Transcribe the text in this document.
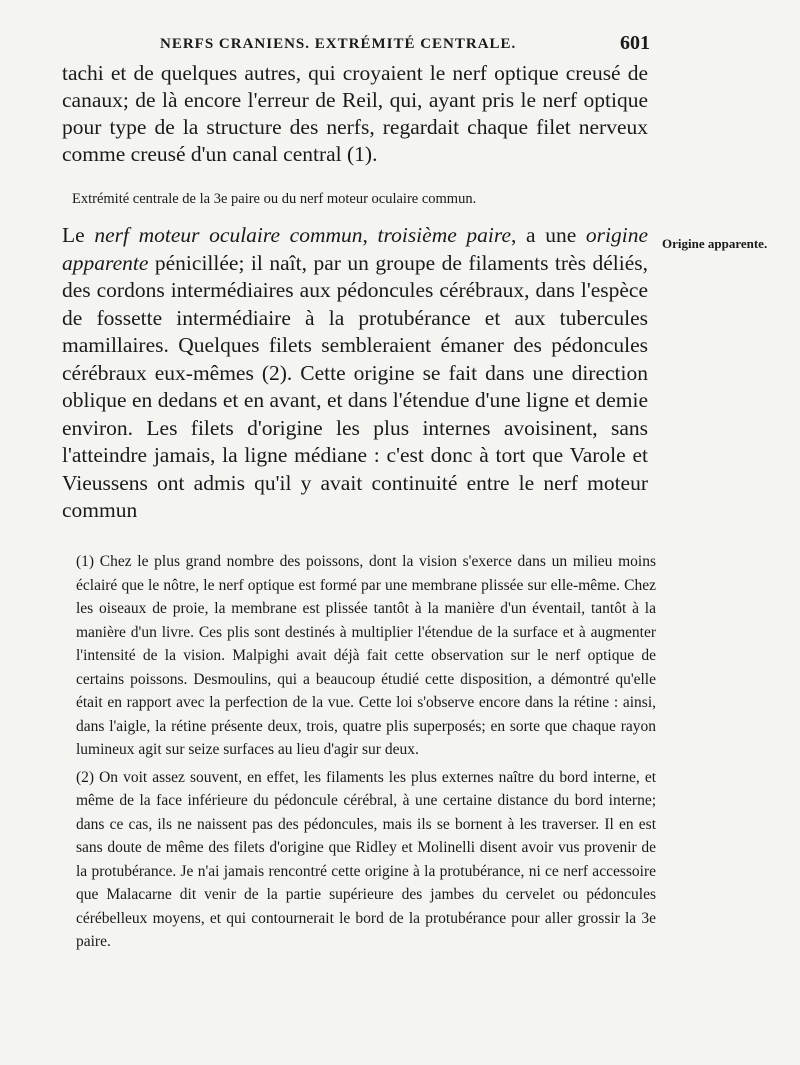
NERFS CRANIENS. EXTRÉMITÉ CENTRALE.	601

tachi et de quelques autres, qui croyaient le nerf optique creusé de canaux; de là encore l'erreur de Reil, qui, ayant pris le nerf optique pour type de la structure des nerfs, regardait chaque filet nerveux comme creusé d'un canal central (1).

Extrémité centrale de la 3e paire ou du nerf moteur oculaire commun.

Le nerf moteur oculaire commun, troisième paire, a une origine apparente pénicillée; il naît, par un groupe de filaments très déliés, des cordons intermédiaires aux pédoncules cérébraux, dans l'espèce de fossette intermédiaire à la protubérance et aux tubercules mamillaires. Quelques filets sembleraient émaner des pédoncules cérébraux eux-mêmes (2). Cette origine se fait dans une direction oblique en dedans et en avant, et dans l'étendue d'une ligne et demie environ. Les filets d'origine les plus internes avoisinent, sans l'atteindre jamais, la ligne médiane : c'est donc à tort que Varole et Vieussens ont admis qu'il y avait continuité entre le nerf moteur commun

Origine apparente.

(1) Chez le plus grand nombre des poissons, dont la vision s'exerce dans un milieu moins éclairé que le nôtre, le nerf optique est formé par une membrane plissée sur elle-même. Chez les oiseaux de proie, la membrane est plissée tantôt à la manière d'un éventail, tantôt à la manière d'un livre. Ces plis sont destinés à multiplier l'étendue de la surface et à augmenter l'intensité de la vision. Malpighi avait déjà fait cette observation sur le nerf optique de certains poissons. Desmoulins, qui a beaucoup étudié cette disposition, a démontré qu'elle était en rapport avec la perfection de la vue. Cette loi s'observe encore dans la rétine : ainsi, dans l'aigle, la rétine présente deux, trois, quatre plis superposés; en sorte que chaque rayon lumineux agit sur seize surfaces au lieu d'agir sur deux.

(2) On voit assez souvent, en effet, les filaments les plus externes naître du bord interne, et même de la face inférieure du pédoncule cérébral, à une certaine distance du bord interne; dans ce cas, ils ne naissent pas des pédoncules, mais ils se bornent à les traverser. Il en est sans doute de même des filets d'origine que Ridley et Molinelli disent avoir vus provenir de la protubérance. Je n'ai jamais rencontré cette origine à la protubérance, ni ce nerf accessoire que Malacarne dit venir de la partie supérieure des jambes du cervelet ou pédoncules cérébelleux moyens, et qui contournerait le bord de la protubérance pour aller grossir la 3e paire.
